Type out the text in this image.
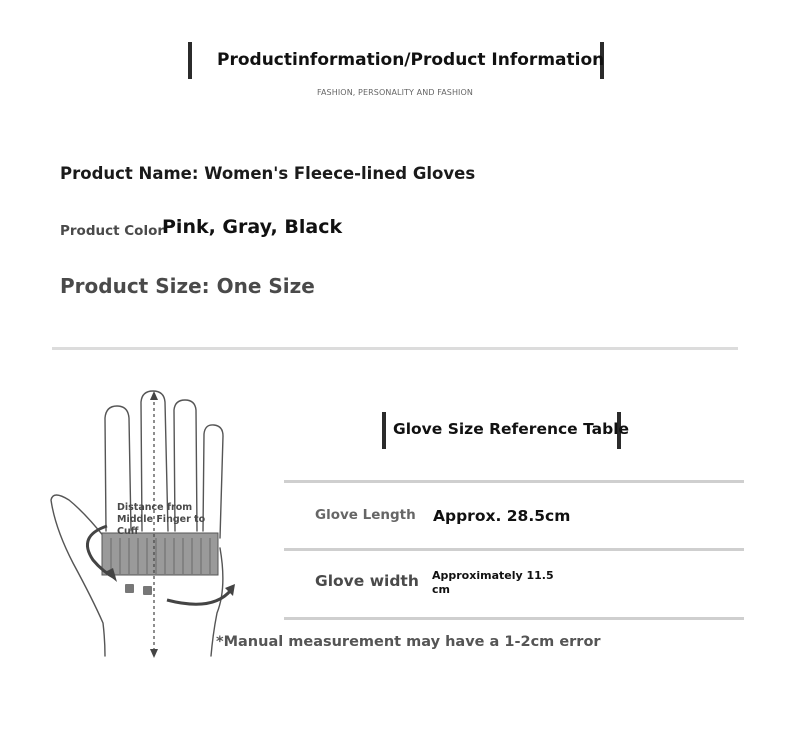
Productinformation/Product Information
FASHION, PERSONALITY AND FASHION
Product Name: Women's Fleece-lined Gloves
Product Color
Pink, Gray, Black
Product Size: One Size
Distance from Middle Finger to Cuff
Glove Size Reference Table
Glove Length Approx. 28.5cm
Glove width Approximately 11.5 cm
*Manual measurement may have a 1-2cm error
